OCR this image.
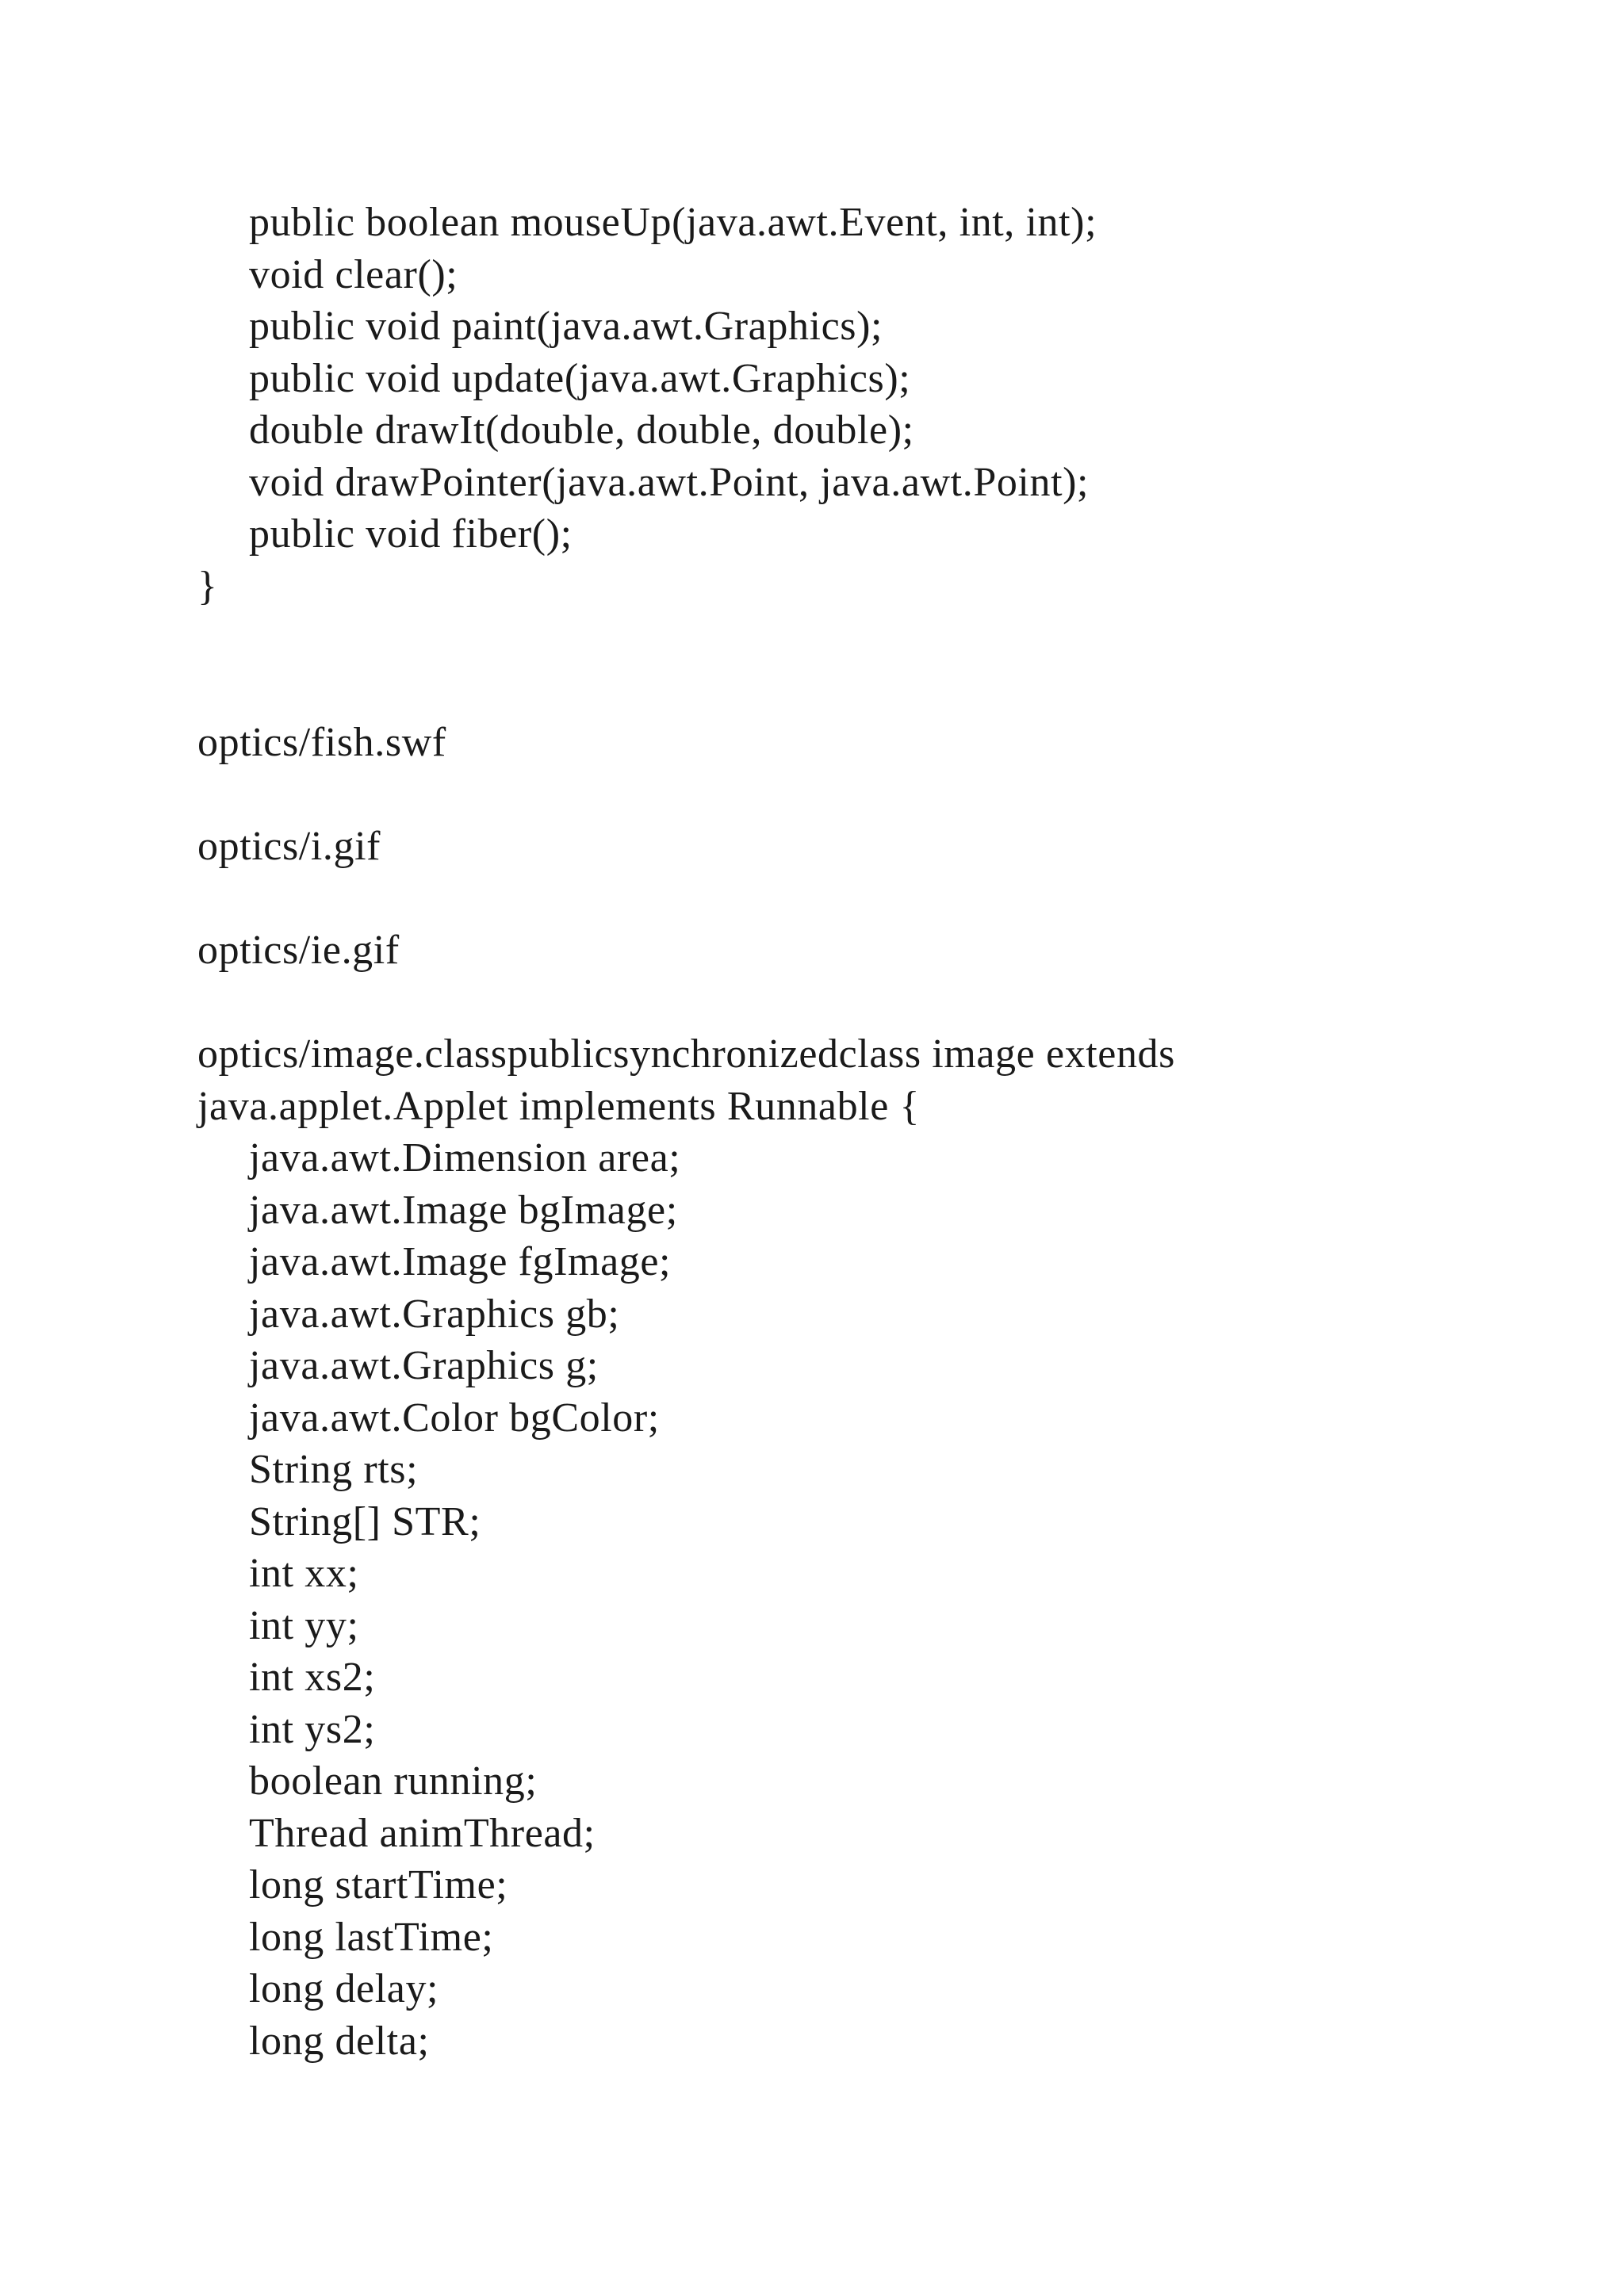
public boolean mouseUp(java.awt.Event, int, int);
void clear();
public void paint(java.awt.Graphics);
public void update(java.awt.Graphics);
double drawIt(double, double, double);
void drawPointer(java.awt.Point, java.awt.Point);
public void fiber();
}
optics/fish.swf
optics/i.gif
optics/ie.gif
optics/image.classpublicsynchronizedclass image extends
java.applet.Applet implements Runnable {
java.awt.Dimension area;
java.awt.Image bgImage;
java.awt.Image fgImage;
java.awt.Graphics gb;
java.awt.Graphics g;
java.awt.Color bgColor;
String rts;
String[] STR;
int xx;
int yy;
int xs2;
int ys2;
boolean running;
Thread animThread;
long startTime;
long lastTime;
long delay;
long delta;
